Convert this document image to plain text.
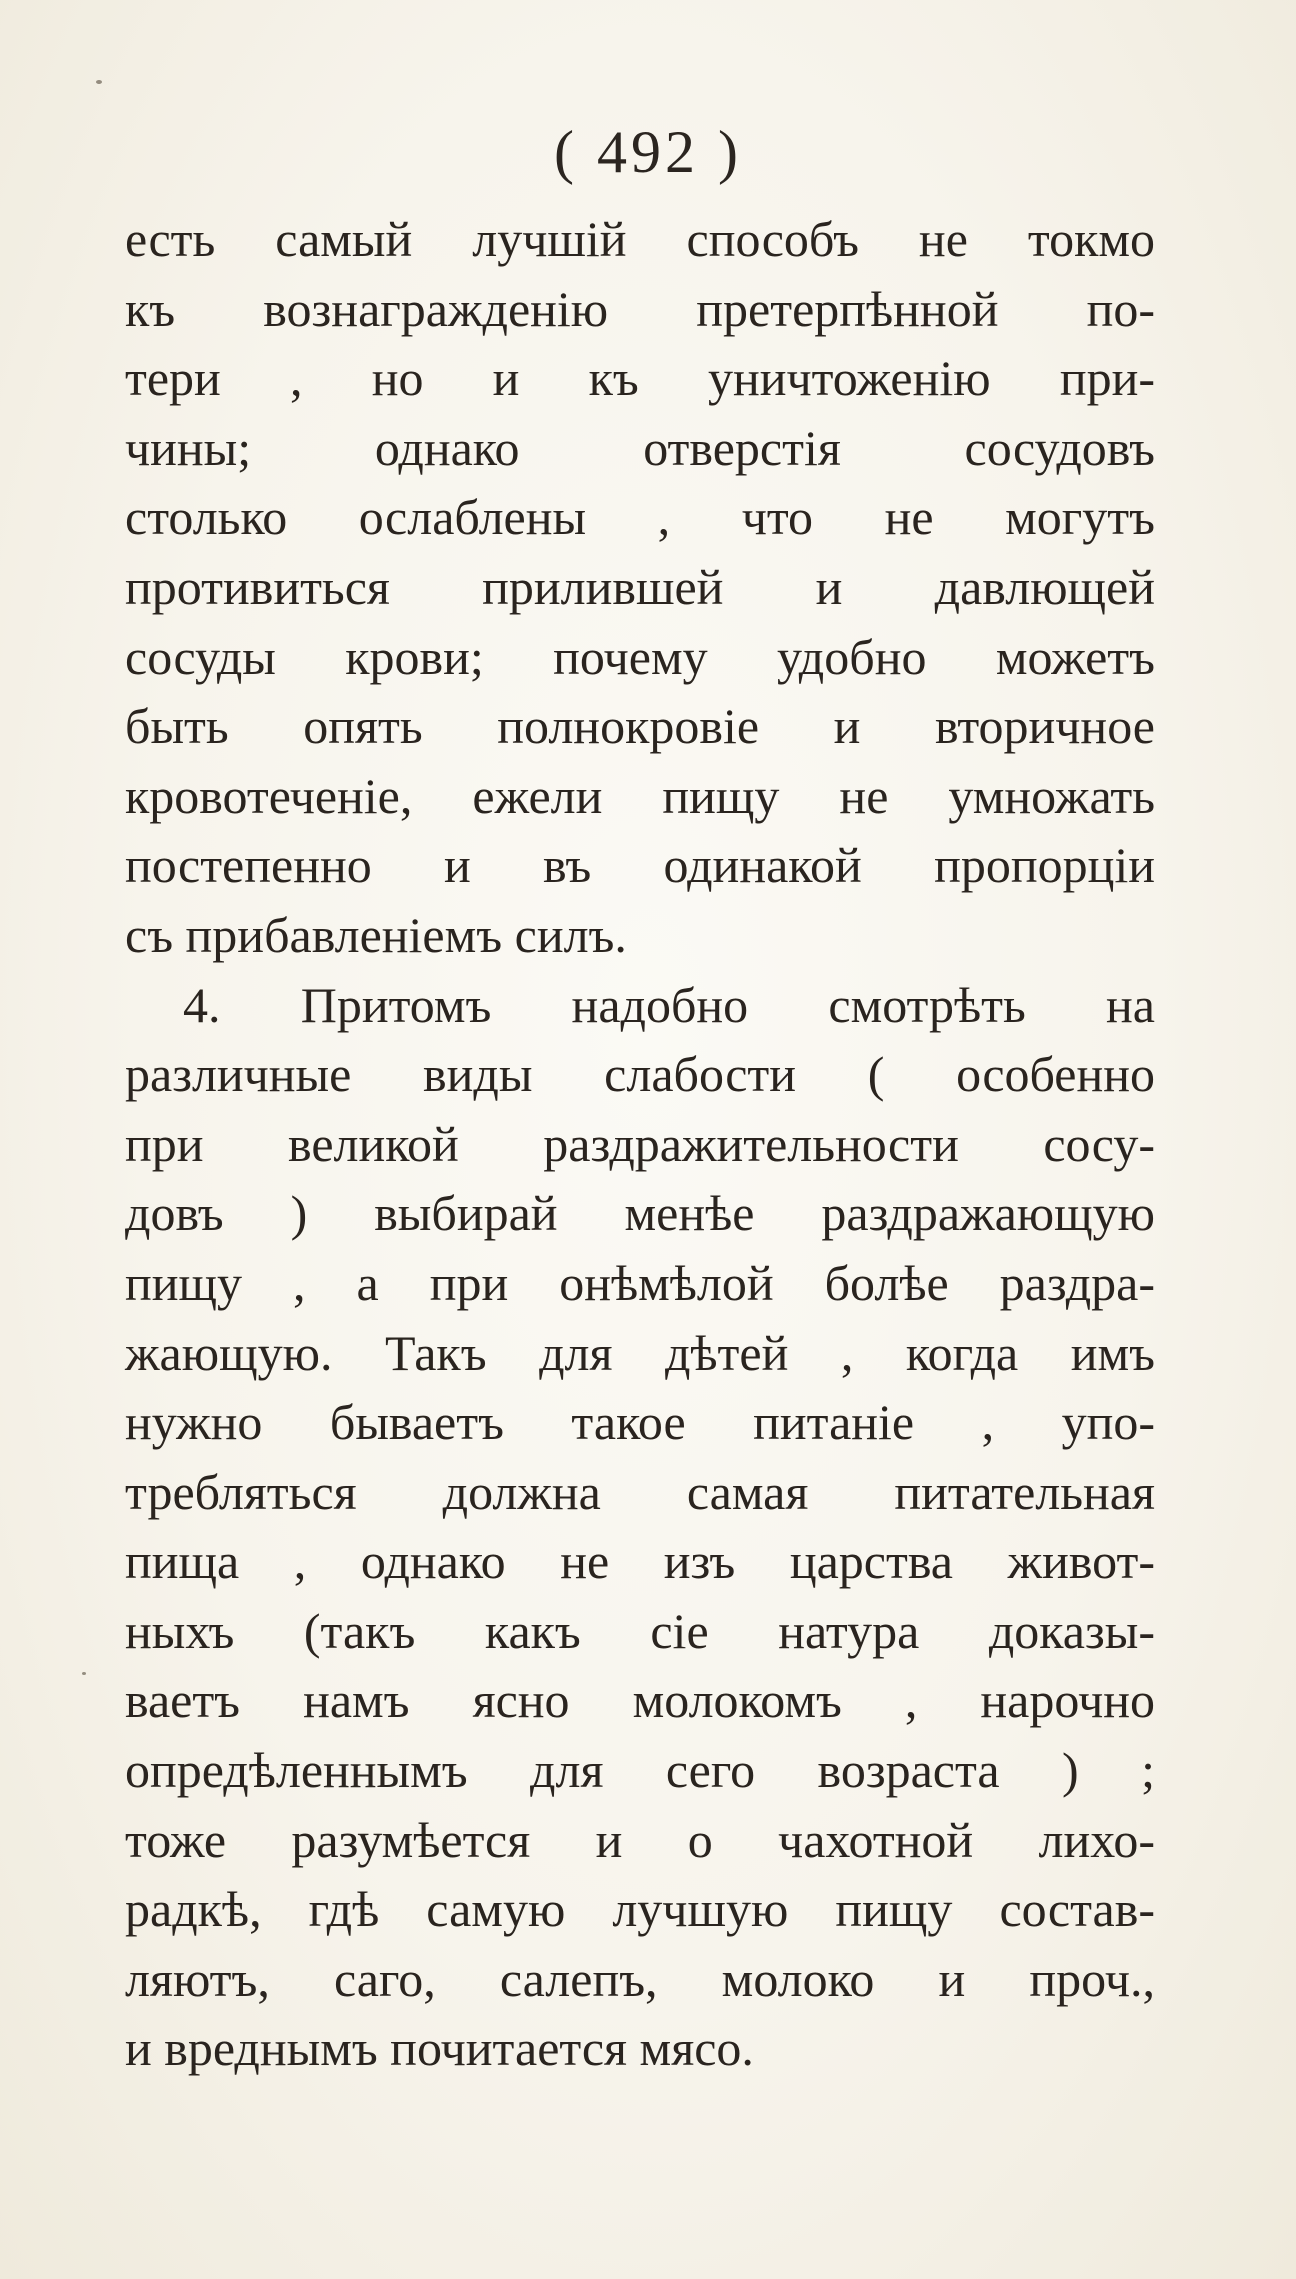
( 492 )
есть самый лучшій способъ не токмо
къ вознагражденію претерпѣнной по-
тери , но и къ уничтоженію при-
чины; однако отверстія сосудовъ
столько ослаблены , что не могутъ
противиться прилившей и давлющей
сосуды крови; почему удобно можетъ
быть опять полнокровіе и вторичное
кровотеченіе, ежели пищу не умножать
постепенно и въ одинакой пропорціи
съ прибавленіемъ силъ.
4. Притомъ надобно смотрѣть на
различные виды слабости ( особенно
при великой раздражительности сосу-
довъ ) выбирай менѣе раздражающую
пищу , а при онѣмѣлой болѣе раздра-
жающую. Такъ для дѣтей , когда имъ
нужно бываетъ такое питаніе , упо-
требляться должна самая питательная
пища , однако не изъ царства живот-
ныхъ (такъ какъ сіе натура доказы-
ваетъ намъ ясно молокомъ , нарочно
опредѣленнымъ для сего возраста ) ;
тоже разумѣется и о чахотной лихо-
радкѣ, гдѣ самую лучшую пищу состав-
ляютъ, саго, салепъ, молоко и проч.,
и вреднымъ почитается мясо.
